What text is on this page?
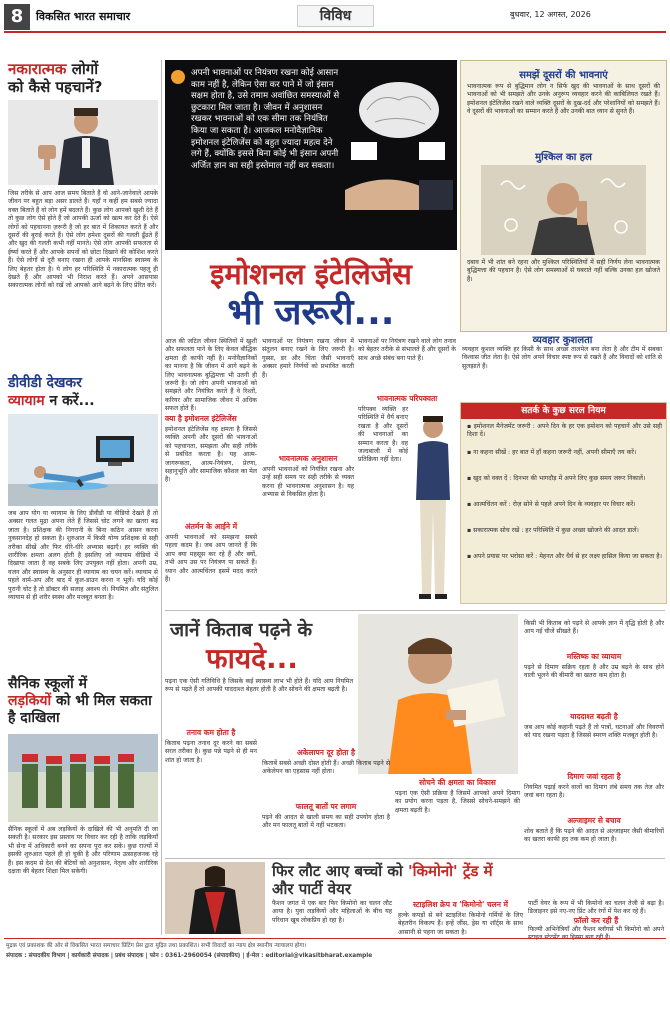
8	विकसित भारत समाचार	विविध	बुधवार, 12 अगस्त, 2026
नकारात्मक लोगों
को कैसे पहचानें?
जिस तरीके से आप आज समय बिताते हैं वो आने-जानेवाले आपके जीवन पर बहुत बड़ा असर डालते हैं। यहाँ न कहीं हम सबसे ज्यादा वक्त बिताते हैं वो लोग हमें बदलते हैं। कुछ लोग आपको खुशी देते हैं तो कुछ लोग ऐसे होते हैं जो आपकी ऊर्जा को खत्म कर देते हैं। ऐसे लोगों को पहचानना ज़रूरी है जो हर बात में शिकायत करते हैं और दूसरों की बुराई करते हैं। ऐसे लोग हमेशा दूसरों की गलती ढूँढते हैं और खुद की गलती कभी नहीं मानते। ऐसे लोग आपकी सफलता से ईर्ष्या करते हैं और आपके सपनों को छोटा दिखाने की कोशिश करते हैं। ऐसे लोगों से दूरी बनाए रखना ही आपके मानसिक स्वास्थ्य के लिए बेहतर होता है। ये लोग हर परिस्थिति में नकारात्मक पहलू ही देखते हैं और आपको भी निराश करते हैं। अपने आसपास सकारात्मक लोगों को रखें जो आपको आगे बढ़ने के लिए प्रेरित करें।
डीवीडी देखकर
व्यायाम न करें...
जब आप योग या व्यायाम के लिए डीवीडी या वीडियो देखते हैं तो अक्सर गलत मुद्रा अपना लेते हैं जिससे चोट लगने का खतरा बढ़ जाता है। प्रशिक्षक की निगरानी के बिना कठिन आसन करना नुकसानदेह हो सकता है। शुरुआत में किसी योग्य प्रशिक्षक से सही तरीका सीखें और फिर धीरे-धीरे अभ्यास बढ़ाएँ। हर व्यक्ति की शारीरिक क्षमता अलग होती है इसलिए जो व्यायाम वीडियो में दिखाया जाता है वह सबके लिए उपयुक्त नहीं होता। अपनी उम्र, वजन और स्वास्थ्य के अनुसार ही व्यायाम का चयन करें। व्यायाम से पहले वार्म-अप और बाद में कूल-डाउन करना न भूलें। यदि कोई पुरानी चोट है तो डॉक्टर की सलाह अवश्य लें। नियमित और संतुलित व्यायाम से ही शरीर स्वस्थ और मजबूत बनता है।
सैनिक स्कूलों में
लड़कियों को भी मिल सकता है दाखिला
सैनिक स्कूलों में अब लड़कियों के दाखिले की भी अनुमति दी जा सकती है। सरकार इस प्रस्ताव पर विचार कर रही है ताकि लड़कियाँ भी सेना में अधिकारी बनने का सपना पूरा कर सकें। कुछ राज्यों में इसकी शुरुआत पहले ही हो चुकी है और परिणाम उत्साहजनक रहे हैं। इस कदम से देश की बेटियों को अनुशासन, नेतृत्व और शारीरिक दक्षता की बेहतर शिक्षा मिल सकेगी।
अपनी भावनाओं पर नियंत्रण रखना कोई आसान काम नहीं है, लेकिन ऐसा कर पाने में जो इंसान सक्षम होता है, उसे तमाम अवांछित समस्याओं से छुटकारा मिल जाता है। जीवन में अनुशासन रखकर भावनाओं को एक सीमा तक नियंत्रित किया जा सकता है। आजकल मनोवैज्ञानिक इमोशनल इंटेलिजेंस को बहुत ज्यादा महत्व देने लगे हैं, क्योंकि इससे बिना कोई भी इंसान अपनी अर्जित ज्ञान का सही इस्तेमाल नहीं कर सकता।
समझें दूसरों की भावनाएं
भावनात्मक रूप से बुद्धिमान लोग न सिर्फ खुद की भावनाओं के साथ दूसरों की भावनाओं को भी समझते और उनके अनुरूप व्यवहार करने की काबिलियत रखते हैं। इमोशनल इंटेलिजेंस रखने वाले व्यक्ति दूसरों के दुख-दर्द और परेशानियों को समझते हैं। वे दूसरों की भावनाओं का सम्मान करते हैं और उनकी बात ध्यान से सुनते हैं।
मुश्किल का हल
दबाव में भी शांत बने रहना और मुश्किल परिस्थितियों में सही निर्णय लेना भावनात्मक बुद्धिमत्ता की पहचान है। ऐसे लोग समस्याओं से घबराते नहीं बल्कि उनका हल खोजते हैं।
व्यवहार कुशलता
व्यवहार कुशल व्यक्ति हर किसी के साथ अच्छा तालमेल बना लेता है और टीम में सबका विश्वास जीत लेता है। ऐसे लोग अपने विचार स्पष्ट रूप से रखते हैं और विवादों को शांति से सुलझाते हैं।
सतर्क के कुछ सरल नियम
▪ इमोशनल मैनेजमेंट जरूरी : अपने दिन के हर एक इमोशन को पहचानें और उसे सही दिशा दें।
▪ ना कहना सीखें : हर बात में हाँ कहना जरूरी नहीं, अपनी सीमाएँ तय करें।
▪ खुद को वक्त दें : दिनभर की भागदौड़ में अपने लिए कुछ समय जरूर निकालें।
▪ आत्मचिंतन करें : रोज़ सोने से पहले अपने दिन के व्यवहार पर विचार करें।
▪ सकारात्मक सोच रखें : हर परिस्थिति में कुछ अच्छा खोजने की आदत डालें।
▪ अपने प्रयास पर भरोसा करें : मेहनत और धैर्य से हर लक्ष्य हासिल किया जा सकता है।
इमोशनल इंटेलिजेंस
भी जरूरी...
आज की जटिल जीवन स्थितियों में खुशी और सफलता पाने के लिए केवल बौद्धिक क्षमता ही काफी नहीं है। मनोवैज्ञानिकों का मानना है कि जीवन में आगे बढ़ने के लिए भावनात्मक बुद्धिमत्ता भी उतनी ही जरूरी है। जो लोग अपनी भावनाओं को समझते और नियंत्रित करते हैं वे रिश्तों, करियर और सामाजिक जीवन में अधिक सफल होते हैं।
क्या है इमोशनल इंटेलिजेंस
इमोशनल इंटेलिजेंस वह क्षमता है जिससे व्यक्ति अपनी और दूसरों की भावनाओं को पहचानता, समझता और सही तरीके से प्रबंधित करता है। यह आत्म-जागरूकता, आत्म-नियंत्रण, प्रेरणा, सहानुभूति और सामाजिक कौशल का मेल है।
अंतर्मन के आईने में
अपनी भावनाओं को समझना सबसे पहला कदम है। जब आप जानते हैं कि आप क्या महसूस कर रहे हैं और क्यों, तभी आप उस पर नियंत्रण पा सकते हैं। ध्यान और आत्मचिंतन इसमें मदद करते हैं।
भावनाओं पर नियंत्रण रखना जीवन में संतुलन बनाए रखने के लिए जरूरी है। गुस्सा, डर और चिंता जैसी भावनाएँ अक्सर हमारे निर्णयों को प्रभावित करती हैं।
भावनात्मक अनुशासन
अपनी भावनाओं को नियंत्रित रखना और उन्हें सही समय पर सही तरीके से व्यक्त करना ही भावनात्मक अनुशासन है। यह अभ्यास से विकसित होता है।
भावनाओं पर नियंत्रण रखने वाले लोग तनाव को बेहतर तरीके से संभालते हैं और दूसरों के साथ अच्छे संबंध बना पाते हैं।
भावनात्मक परिपक्वता
परिपक्व व्यक्ति हर परिस्थिति में धैर्य बनाए रखता है और दूसरों की भावनाओं का सम्मान करता है। वह जल्दबाजी में कोई प्रतिक्रिया नहीं देता।
जानें किताब पढ़ने के
फायदे...
पढ़ना एक ऐसी गतिविधि है जिसके कई स्वास्थ्य लाभ भी होते हैं। यदि आप नियमित रूप से पढ़ते हैं तो आपकी याददाश्त बेहतर होती है और सोचने की क्षमता बढ़ती है।
तनाव कम होता है
किताब पढ़ना तनाव दूर करने का सबसे सरल तरीका है। कुछ पन्ने पढ़ने से ही मन शांत हो जाता है।
अकेलापन दूर होता है
किताबें सबसे अच्छी दोस्त होती हैं। अच्छी किताब पढ़ने से अकेलेपन का एहसास नहीं होता।
फालतू बातों पर लगाम
पढ़ने की आदत से खाली समय का सही उपयोग होता है और मन फालतू बातों में नहीं भटकता।
सोचने की क्षमता का विकास
पढ़ना एक ऐसी प्रक्रिया है जिसमें आपको अपने दिमाग का प्रयोग करना पड़ता है, जिससे सोचने-समझने की क्षमता बढ़ती है।
किसी भी किताब को पढ़ने से आपके ज्ञान में वृद्धि होती है और आप नई चीजें सीखते हैं।
मस्तिष्क का व्यायाम
पढ़ने से दिमाग सक्रिय रहता है और उम्र बढ़ने के साथ होने वाली भूलने की बीमारी का खतरा कम होता है।
याददाश्त बढ़ती है
जब आप कोई कहानी पढ़ते हैं तो पात्रों, घटनाओं और विवरणों को याद रखना पड़ता है जिससे स्मरण शक्ति मजबूत होती है।
दिमाग जवां रहता है
नियमित पढ़ाई करने वालों का दिमाग लंबे समय तक तेज और जवां बना रहता है।
अल्जाइमर से बचाव
शोध बताते हैं कि पढ़ने की आदत से अल्जाइमर जैसी बीमारियों का खतरा काफी हद तक कम हो जाता है।
फिर लौट आए बच्चों को 'किमोनो' ट्रेंड में
और पार्टी वेयर
फैशन जगत में एक बार फिर किमोनो का चलन लौट आया है। युवा लड़कियों और महिलाओं के बीच यह परिधान खूब लोकप्रिय हो रहा है।
स्टाइलिश क्रेप व 'किमोनो' चलन में
हल्के कपड़ों से बने स्टाइलिश किमोनो गर्मियों के लिए बेहतरीन विकल्प हैं। इन्हें जींस, ड्रेस या शॉर्ट्स के साथ आसानी से पहना जा सकता है।
पार्टी वेयर के रूप में भी किमोनो का चलन तेजी से बढ़ा है। डिजाइनर इसे नए-नए प्रिंट और रंगों में पेश कर रहे हैं।
फ़ॉलो कर रही हैं
फिल्मी अभिनेत्रियाँ और फैशन ब्लॉगर्स भी किमोनो को अपने
मुद्रक एवं प्रकाशक की ओर से विकसित भारत समाचार प्रिंटिंग प्रेस द्वारा मुद्रित तथा प्रकाशित। सभी विवादों का न्याय क्षेत्र स्थानीय न्यायालय होगा।
संपादक : संपादकीय विभाग | कार्यकारी संपादक | प्रबंध संपादक | फोन : 0361-2960054 (संपादकीय) | ई-मेल : editorial@vikasitbharat.example
